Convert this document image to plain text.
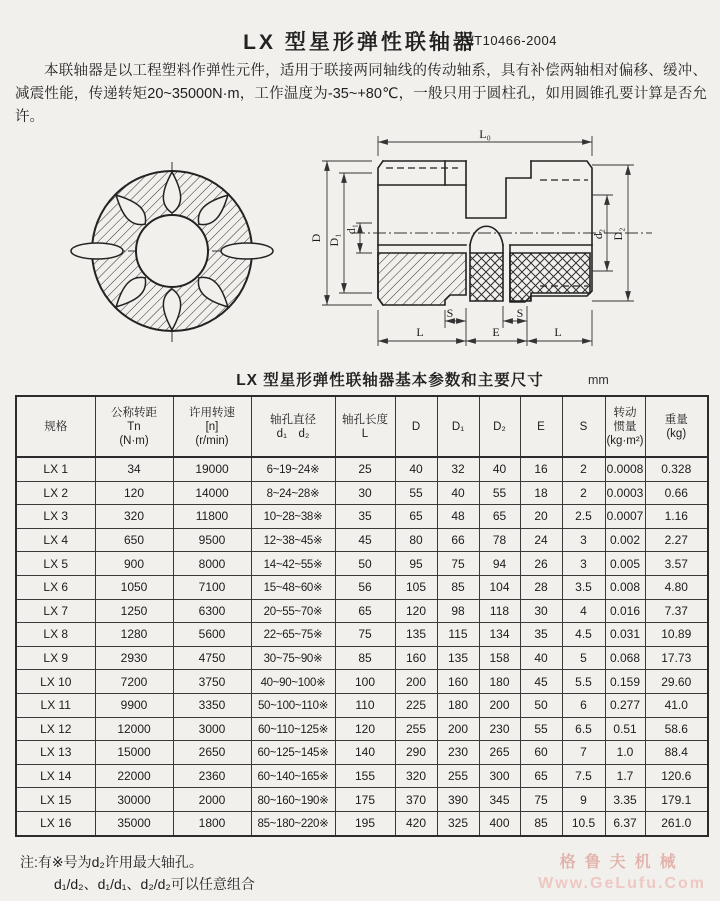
LX 型星形弹性联轴器
JB/T10466-2004

本联轴器是以工程塑料作弹性元件，适用于联接两同轴线的传动轴系，具有补偿两轴相对偏移、缓冲、减震性能，传递转矩20~35000N·m，工作温度为-35~+80℃，一般只用于圆柱孔，如用圆锥孔要计算是否允许。

L₀
D D₁
d₁	d₂ D₂
S	S
L	E	L
LX 型星形弹性联轴器基本参数和主要尺寸	mm
规格

公称转距
Tn
(N·m)

许用转速
[n]
(r/min)

轴孔直径
d₁　d₂

轴孔长度
L

D	D₁	D₂	E	S

转动
惯量
(kg·m²)

重量
(kg)

LX 1	34	19000	6~19~24※	25	40	32	40	16	2	0.0008	0.328
LX 2	120	14000	8~24~28※	30	55	40	55	18	2	0.0003	0.66
LX 3	320	11800	10~28~38※	35	65	48	65	20	2.5	0.0007	1.16
LX 4	650	9500	12~38~45※	45	80	66	78	24	3	0.002	2.27
LX 5	900	8000	14~42~55※	50	95	75	94	26	3	0.005	3.57
LX 6	1050	7100	15~48~60※	56	105	85	104	28	3.5	0.008	4.80
LX 7	1250	6300	20~55~70※	65	120	98	118	30	4	0.016	7.37
LX 8	1280	5600	22~65~75※	75	135	115	134	35	4.5	0.031	10.89
LX 9	2930	4750	30~75~90※	85	160	135	158	40	5	0.068	17.73
LX 10	7200	3750	40~90~100※	100	200	160	180	45	5.5	0.159	29.60
LX 11	9900	3350	50~100~110※	110	225	180	200	50	6	0.277	41.0
LX 12	12000	3000	60~110~125※	120	255	200	230	55	6.5	0.51	58.6
LX 13	15000	2650	60~125~145※	140	290	230	265	60	7	1.0	88.4
LX 14	22000	2360	60~140~165※	155	320	255	300	65	7.5	1.7	120.6
LX 15	30000	2000	80~160~190※	175	370	390	345	75	9	3.35	179.1
LX 16	35000	1800	85~180~220※	195	420	325	400	85	10.5	6.37	261.0
注:有※号为d₂许用最大轴孔。
d₁/d₂、d₁/d₁、d₂/d₂可以任意组合
格鲁夫机械
Www.GeLufu.Com
